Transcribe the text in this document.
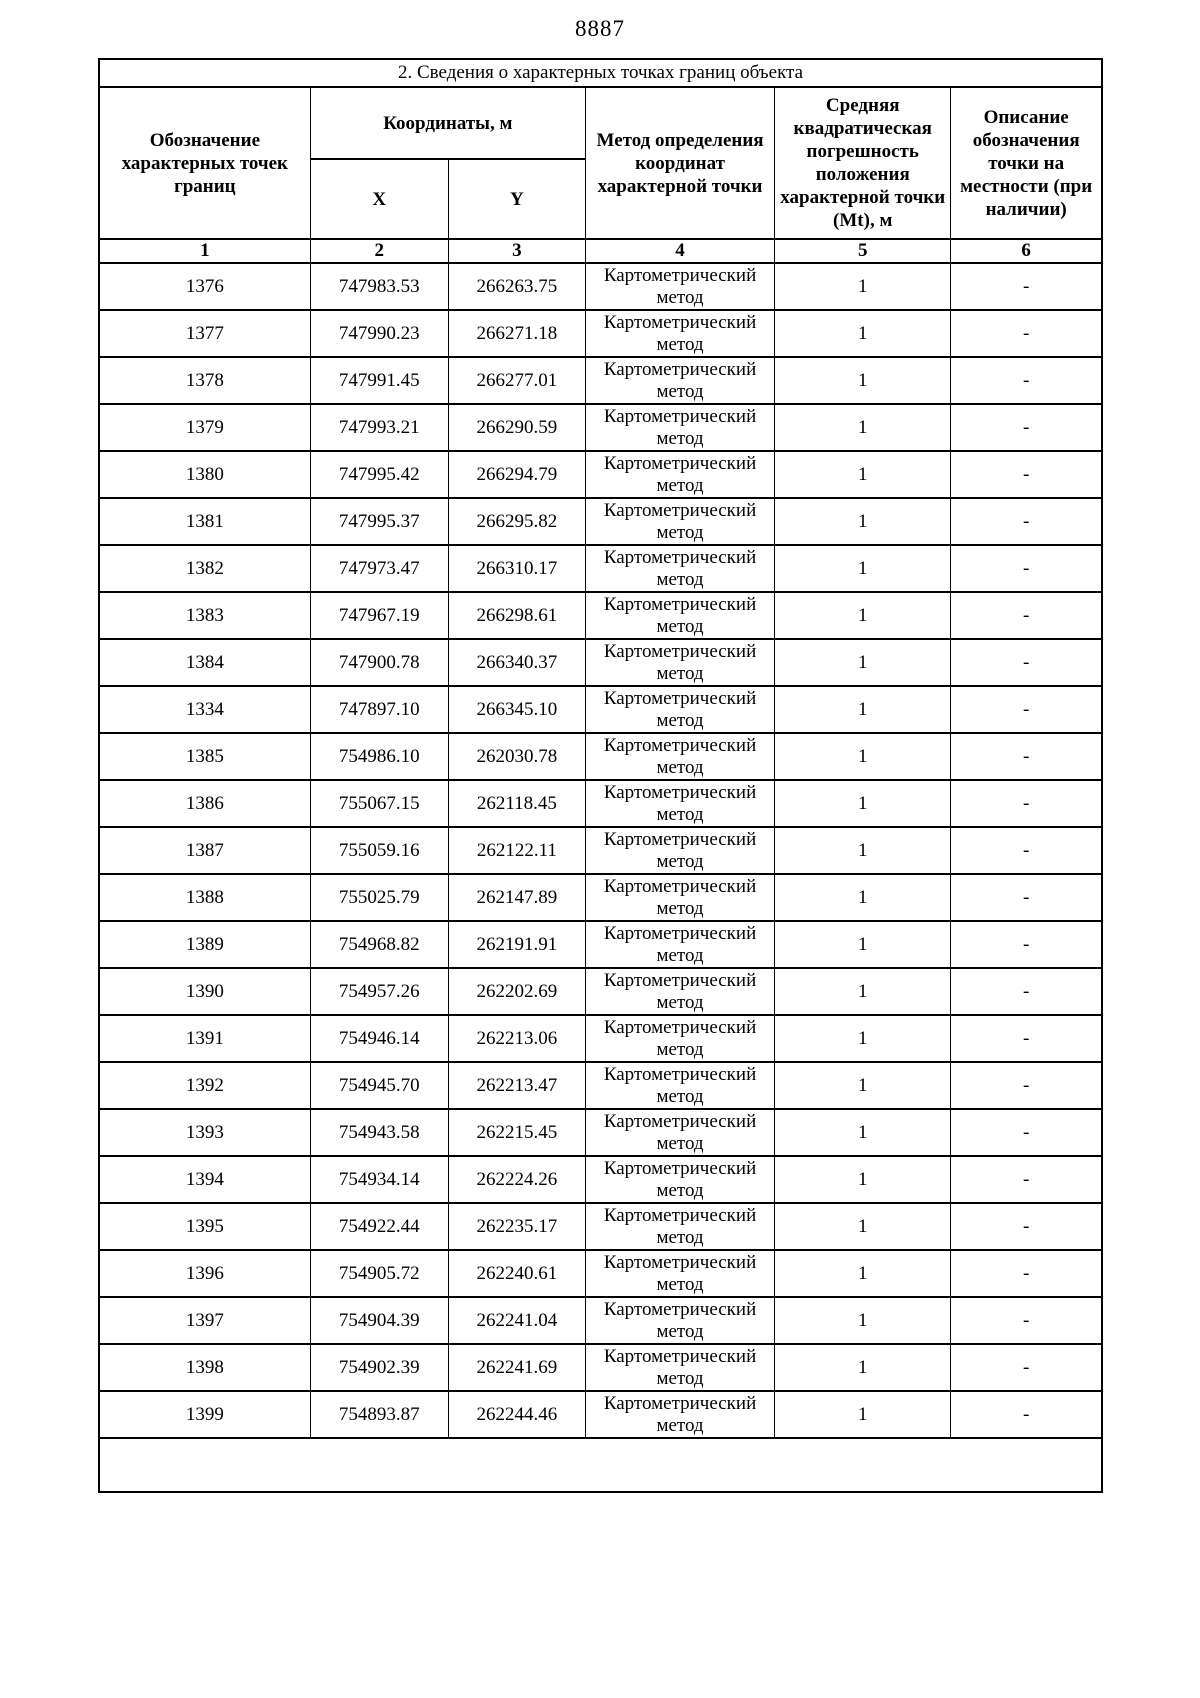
8887
2. Сведения о характерных точках границ объекта					
Обозначение характерных точек границ	Координаты, м		Метод определения координат характерной точки	Средняя квадратическая погрешность положения характерной точки (Mt), м	Описание обозначения точки на местности (при наличии)
	X	Y			
1	2	3	4	5	6
1376	747983.53	266263.75	Картометрический метод	1	-
1377	747990.23	266271.18	Картометрический метод	1	-
1378	747991.45	266277.01	Картометрический метод	1	-
1379	747993.21	266290.59	Картометрический метод	1	-
1380	747995.42	266294.79	Картометрический метод	1	-
1381	747995.37	266295.82	Картометрический метод	1	-
1382	747973.47	266310.17	Картометрический метод	1	-
1383	747967.19	266298.61	Картометрический метод	1	-
1384	747900.78	266340.37	Картометрический метод	1	-
1334	747897.10	266345.10	Картометрический метод	1	-
1385	754986.10	262030.78	Картометрический метод	1	-
1386	755067.15	262118.45	Картометрический метод	1	-
1387	755059.16	262122.11	Картометрический метод	1	-
1388	755025.79	262147.89	Картометрический метод	1	-
1389	754968.82	262191.91	Картометрический метод	1	-
1390	754957.26	262202.69	Картометрический метод	1	-
1391	754946.14	262213.06	Картометрический метод	1	-
1392	754945.70	262213.47	Картометрический метод	1	-
1393	754943.58	262215.45	Картометрический метод	1	-
1394	754934.14	262224.26	Картометрический метод	1	-
1395	754922.44	262235.17	Картометрический метод	1	-
1396	754905.72	262240.61	Картометрический метод	1	-
1397	754904.39	262241.04	Картометрический метод	1	-
1398	754902.39	262241.69	Картометрический метод	1	-
1399	754893.87	262244.46	Картометрический метод	1	-
